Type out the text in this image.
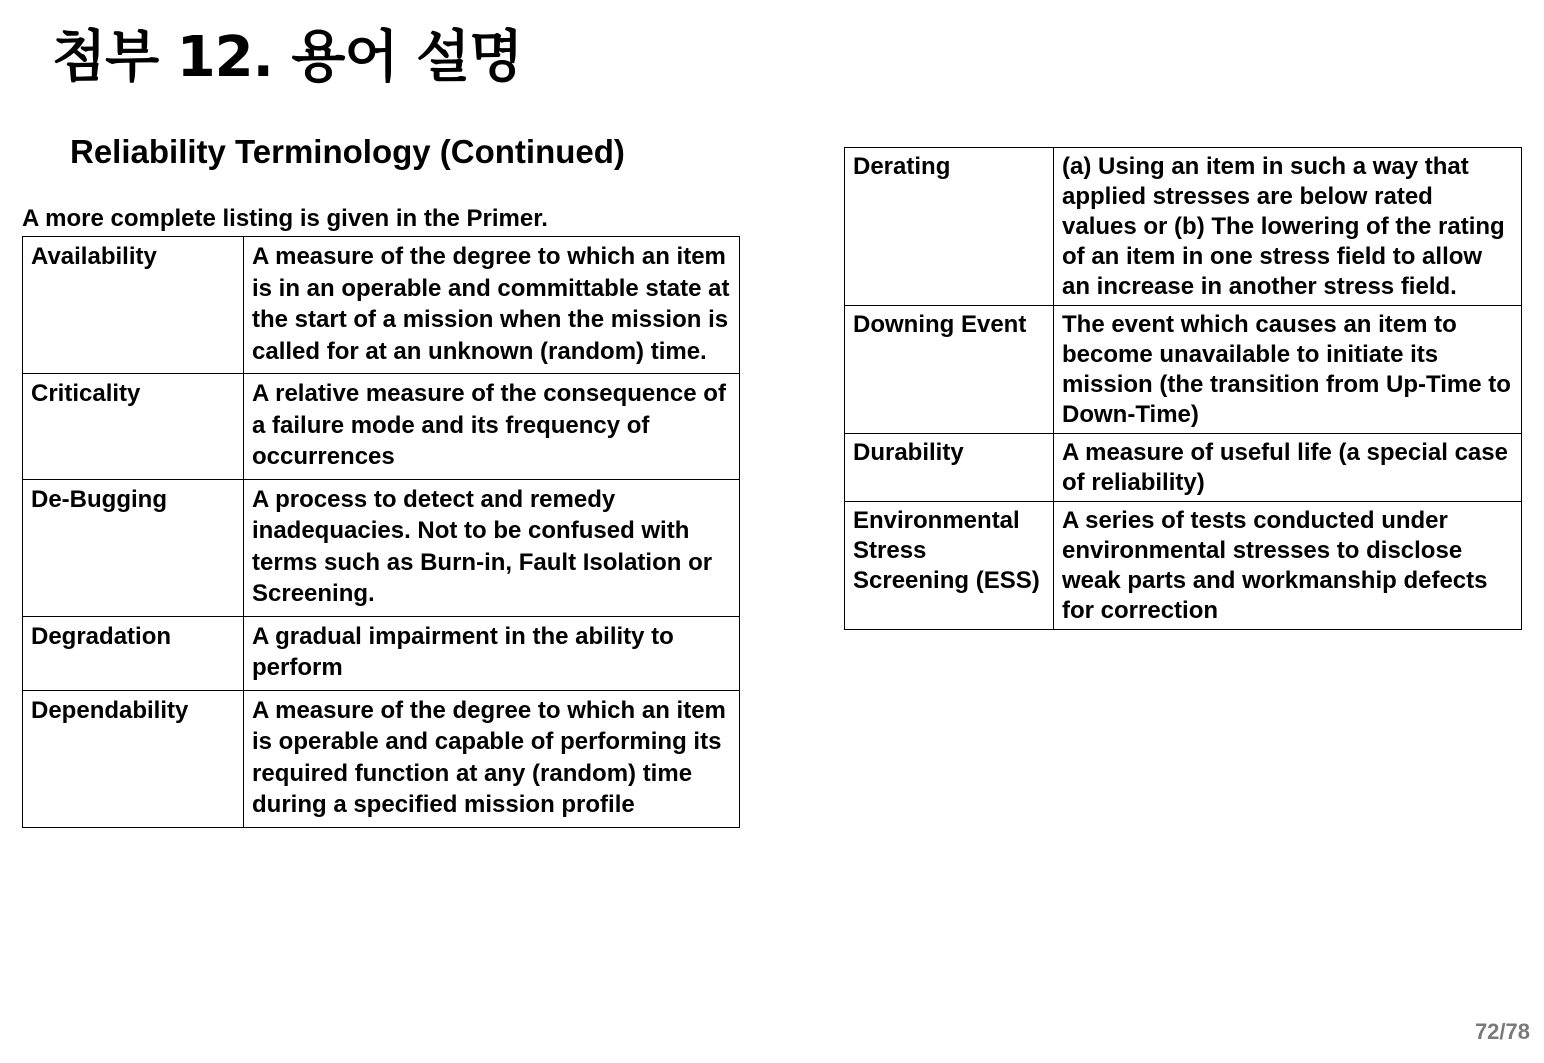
첨부 12. 용어 설명
Reliability Terminology (Continued)
A more complete listing is given in the Primer.
Availability	A measure of the degree to which an item is in an operable and committable state at the start of a mission when the mission is called for at an unknown (random) time.
Criticality	A relative measure of the consequence of a failure mode and its frequency of occurrences
De-Bugging	A process to detect and remedy inadequacies. Not to be confused with terms such as Burn-in, Fault Isolation or Screening.
Degradation	A gradual impairment in the ability to perform
Dependability	A measure of the degree to which an item is operable and capable of performing its required function at any (random) time during a specified mission profile
Derating	(a) Using an item in such a way that applied stresses are below rated values or (b) The lowering of the rating of an item in one stress field to allow an increase in another stress field.
Downing Event	The event which causes an item to become unavailable to initiate its mission (the transition from Up-Time to Down-Time)
Durability	A measure of useful life (a special case of reliability)
Environmental Stress Screening (ESS)	A series of tests conducted under environmental stresses to disclose weak parts and workmanship defects for correction
72/78
